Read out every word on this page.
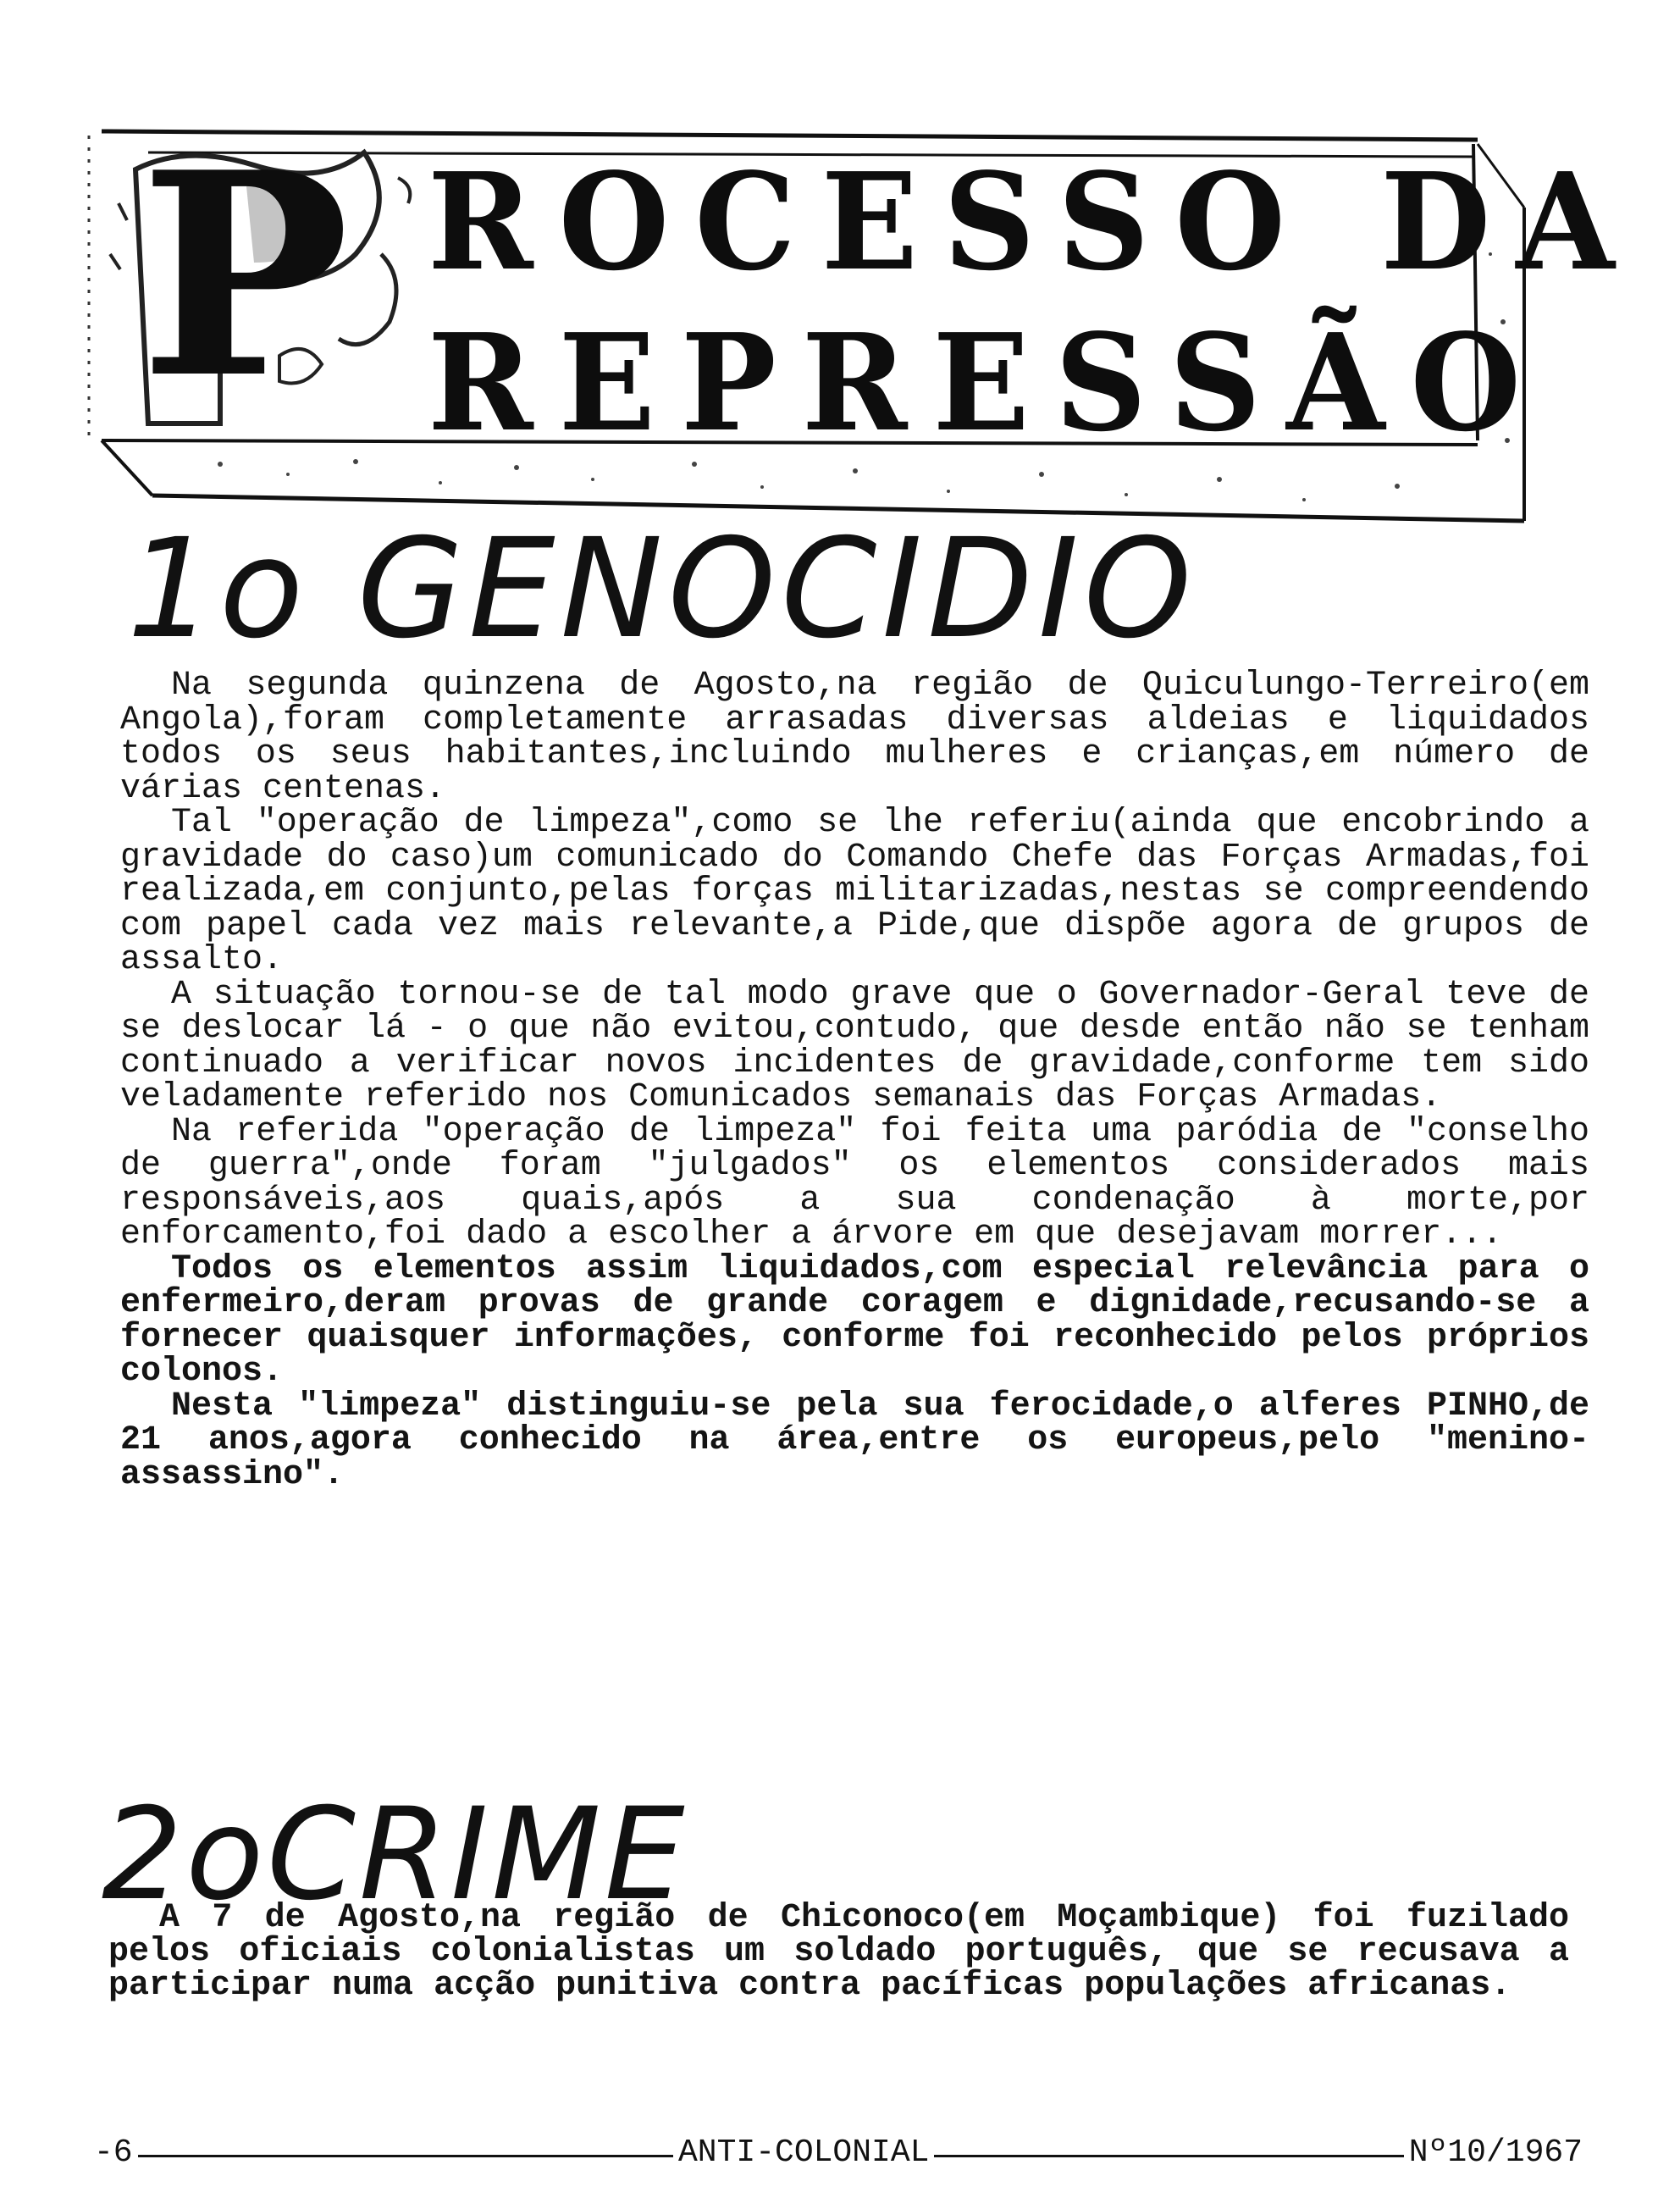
P ROCESSO DA
REPRESSÃO
1o GENOCIDIO

Na segunda quinzena de Agosto,na região de Quiculungo-Terreiro(em Angola),foram completamente arrasadas diversas aldeias e liquidados todos os seus habitantes,incluindo mulheres e crianças,em número de várias centenas.

Tal "operação de limpeza",como se lhe referiu(ainda que encobrindo a gravidade do caso)um comunicado do Comando Chefe das Forças Armadas,foi realizada,em conjunto,pelas forças militarizadas,nestas se compreendendo com papel cada vez mais relevante,a Pide,que dispõe agora de grupos de assalto.

A situação tornou-se de tal modo grave que o Governador-Geral teve de se deslocar lá - o que não evitou,contudo, que desde então não se tenham continuado a verificar novos incidentes de gravidade,conforme tem sido veladamente referido nos Comunicados semanais das Forças Armadas.

Na referida "operação de limpeza" foi feita uma paródia de "conselho de guerra",onde foram "julgados" os elementos considerados mais responsáveis,aos quais,após a sua condenação à morte,por enforcamento,foi dado a escolher a árvore em que desejavam morrer...

Todos os elementos assim liquidados,com especial relevância para o enfermeiro,deram provas de grande coragem e dignidade,recusando-se a fornecer quaisquer informações, conforme foi reconhecido pelos próprios colonos.

Nesta "limpeza" distinguiu-se pela sua ferocidade,o alferes PINHO,de 21 anos,agora conhecido na área,entre os europeus,pelo "menino-assassino".

2oCRIME

A 7 de Agosto,na região de Chiconoco(em Moçambique) foi fuzilado pelos oficiais colonialistas um soldado português, que se recusava a participar numa acção punitiva contra pacíficas populações africanas.

-6	ANTI-COLONIAL	Nº10/1967
